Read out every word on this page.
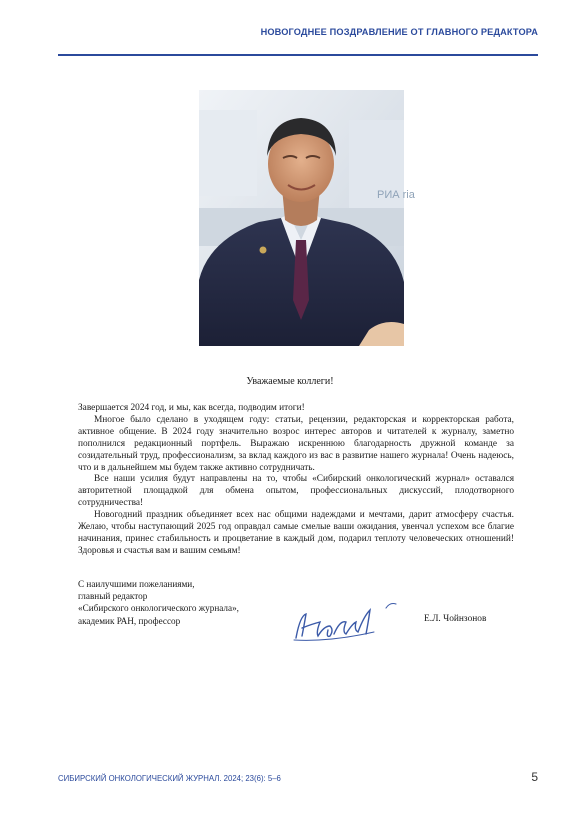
НОВОГОДНЕЕ ПОЗДРАВЛЕНИЕ ОТ ГЛАВНОГО РЕДАКТОРА
РИА ria
Уважаемые коллеги!

Завершается 2024 год, и мы, как всегда, подводим итоги!

Многое было сделано в уходящем году: статьи, рецензии, редакторская и корректорская работа, активное общение. В 2024 году значительно возрос интерес авторов и читателей к журналу, заметно пополнился редакционный портфель. Выражаю искреннюю благодарность дружной команде за созидательный труд, профессионализм, за вклад каждого из вас в развитие нашего журнала! Очень надеюсь, что и в дальнейшем мы будем также активно сотрудничать.

Все наши усилия будут направлены на то, чтобы «Сибирский онкологический журнал» оставался авторитетной площадкой для обмена опытом, профессиональных дискуссий, плодотворного сотрудничества!

Новогодний праздник объединяет всех нас общими надеждами и мечтами, дарит атмосферу счастья. Желаю, чтобы наступающий 2025 год оправдал самые смелые ваши ожидания, увенчал успехом все благие начинания, принес стабильность и процветание в каждый дом, подарил теплоту человеческих отношений! Здоровья и счастья вам и вашим семьям!

С наилучшими пожеланиями,
главный редактор
«Сибирского онкологического журнала»,
академик РАН, профессор	Е.Л. Чойнзонов
СИБИРСКИЙ ОНКОЛОГИЧЕСКИЙ ЖУРНАЛ. 2024; 23(6): 5–6	5
